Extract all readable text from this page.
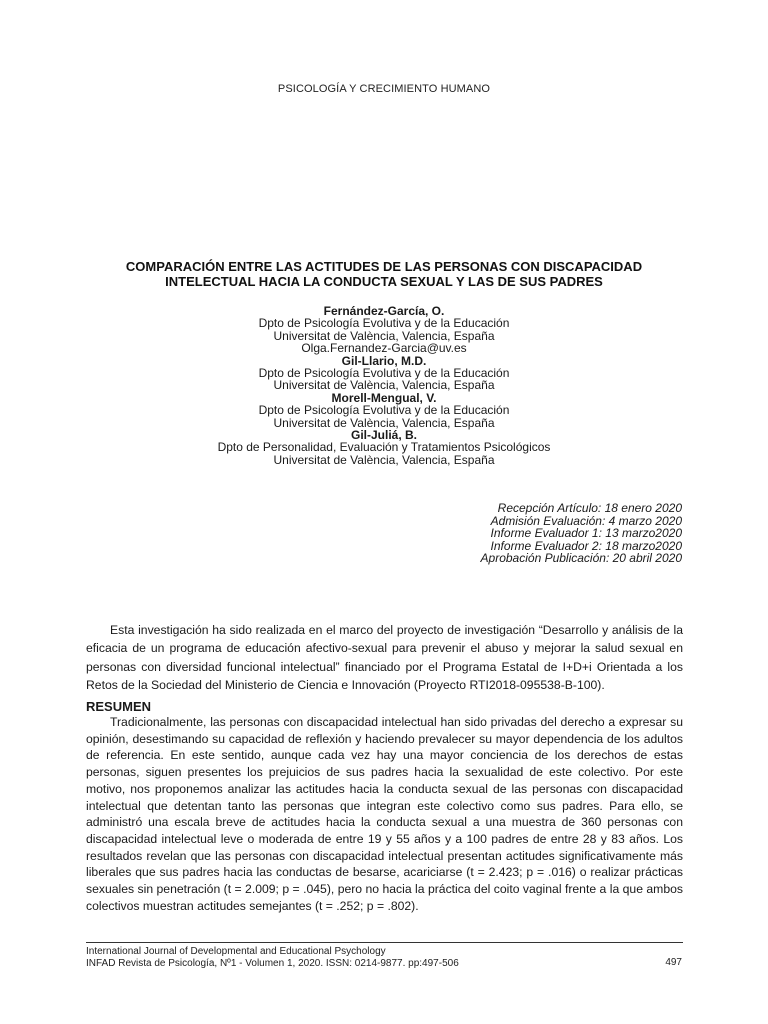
PSICOLOGÍA Y CRECIMIENTO HUMANO
COMPARACIÓN ENTRE LAS ACTITUDES DE LAS PERSONAS CON DISCAPACIDAD
INTELECTUAL HACIA LA CONDUCTA SEXUAL Y LAS DE SUS PADRES
Fernández-García, O.
Dpto de Psicología Evolutiva y de la Educación
Universitat de València, Valencia, España
Olga.Fernandez-Garcia@uv.es
Gil-Llario, M.D.
Dpto de Psicología Evolutiva y de la Educación
Universitat de València, Valencia, España
Morell-Mengual, V.
Dpto de Psicología Evolutiva y de la Educación
Universitat de València, Valencia, España
Gil-Juliá, B.
Dpto de Personalidad, Evaluación y Tratamientos Psicológicos
Universitat de València, Valencia, España
Recepción Artículo: 18 enero 2020
Admisión Evaluación: 4 marzo 2020
Informe Evaluador 1: 13 marzo2020
Informe Evaluador 2: 18 marzo2020
Aprobación Publicación: 20 abril 2020
Esta investigación ha sido realizada en el marco del proyecto de investigación “Desarrollo y análisis de la eficacia de un programa de educación afectivo-sexual para prevenir el abuso y mejorar la salud sexual en personas con diversidad funcional intelectual” financiado por el Programa Estatal de I+D+i Orientada a los Retos de la Sociedad del Ministerio de Ciencia e Innovación (Proyecto RTI2018-095538-B-100).
RESUMEN
Tradicionalmente, las personas con discapacidad intelectual han sido privadas del derecho a expresar su opinión, desestimando su capacidad de reflexión y haciendo prevalecer su mayor dependencia de los adultos de referencia. En este sentido, aunque cada vez hay una mayor conciencia de los derechos de estas personas, siguen presentes los prejuicios de sus padres hacia la sexualidad de este colectivo. Por este motivo, nos proponemos analizar las actitudes hacia la conducta sexual de las personas con discapacidad intelectual que detentan tanto las personas que integran este colectivo como sus padres. Para ello, se administró una escala breve de actitudes hacia la conducta sexual a una muestra de 360 personas con discapacidad intelectual leve o moderada de entre 19 y 55 años y a 100 padres de entre 28 y 83 años. Los resultados revelan que las personas con discapacidad intelectual presentan actitudes significativamente más liberales que sus padres hacia las conductas de besarse, acariciarse (t = 2.423; p = .016) o realizar prácticas sexuales sin penetración (t = 2.009; p = .045), pero no hacia la práctica del coito vaginal frente a la que ambos colectivos muestran actitudes semejantes (t = .252; p = .802).
International Journal of Developmental and Educational Psychology
INFAD Revista de Psicología, Nº1 - Volumen 1, 2020. ISSN: 0214-9877. pp:497-506	497
